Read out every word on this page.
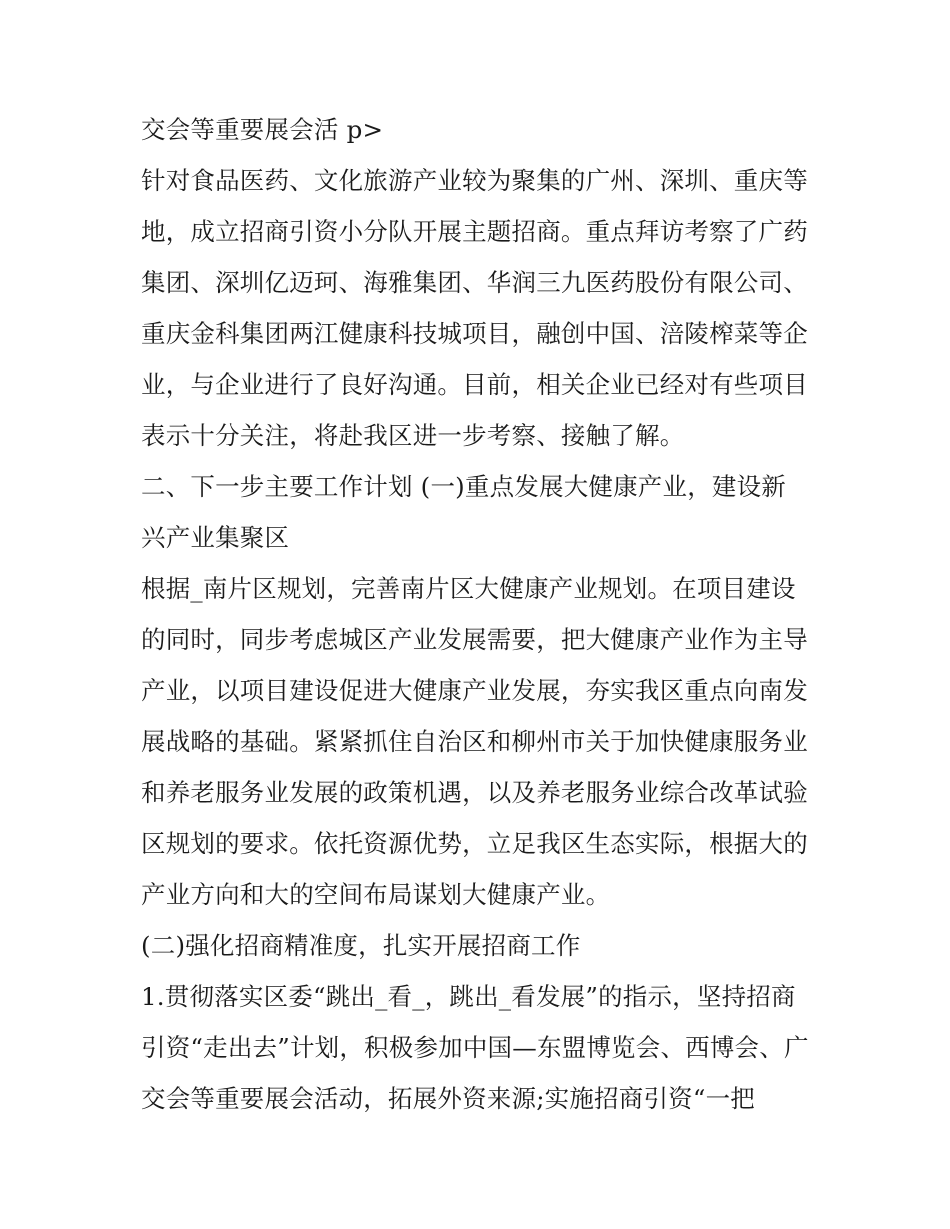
交会等重要展会活 p>
针对食品医药、文化旅游产业较为聚集的广州、深圳、重庆等
地，成立招商引资小分队开展主题招商。重点拜访考察了广药
集团、深圳亿迈珂、海雅集团、华润三九医药股份有限公司、
重庆金科集团两江健康科技城项目，融创中国、涪陵榨菜等企
业，与企业进行了良好沟通。目前，相关企业已经对有些项目
表示十分关注，将赴我区进一步考察、接触了解。
二、下一步主要工作计划 (一)重点发展大健康产业，建设新
兴产业集聚区
根据_南片区规划，完善南片区大健康产业规划。在项目建设
的同时，同步考虑城区产业发展需要，把大健康产业作为主导
产业，以项目建设促进大健康产业发展，夯实我区重点向南发
展战略的基础。紧紧抓住自治区和柳州市关于加快健康服务业
和养老服务业发展的政策机遇，以及养老服务业综合改革试验
区规划的要求。依托资源优势，立足我区生态实际，根据大的
产业方向和大的空间布局谋划大健康产业。
(二)强化招商精准度，扎实开展招商工作
1.贯彻落实区委“跳出_看_，跳出_看发展”的指示，坚持招商
引资“走出去”计划，积极参加中国—东盟博览会、西博会、广
交会等重要展会活动，拓展外资来源;实施招商引资“一把
